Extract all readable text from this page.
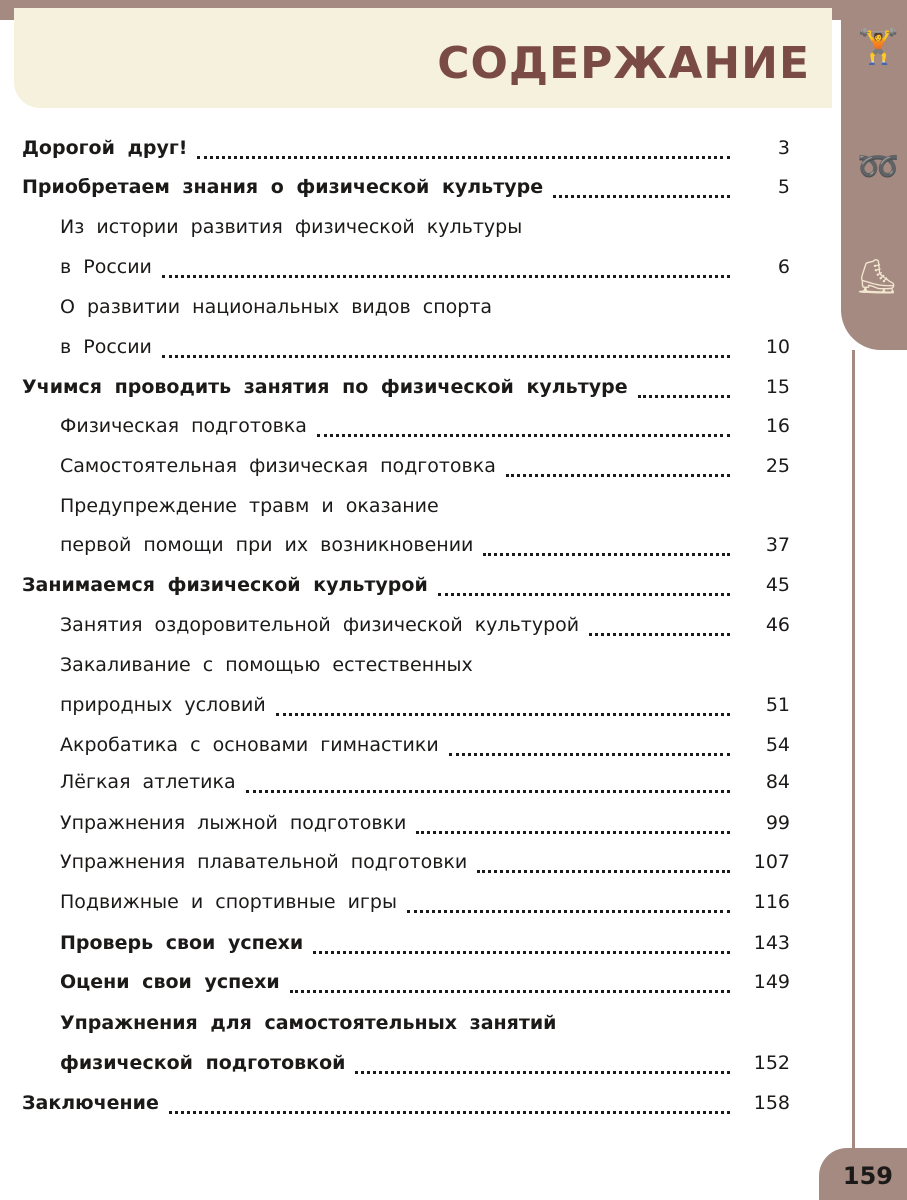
🏋
➿
⛸
СОДЕРЖАНИЕ
Дорогой друг!	3
Приобретаем знания о физической культуре	5
Из истории развития физической культуры
в России	6
О развитии национальных видов спорта
в России	10
Учимся проводить занятия по физической культуре	15
Физическая подготовка	16
Самостоятельная физическая подготовка	25
Предупреждение травм и оказание
первой помощи при их возникновении	37
Занимаемся физической культурой	45
Занятия оздоровительной физической культурой	46
Закаливание с помощью естественных
природных условий	51
Акробатика с основами гимнастики	54
Лёгкая атлетика	84
Упражнения лыжной подготовки	99
Упражнения плавательной подготовки	107
Подвижные и спортивные игры	116
Проверь свои успехи	143
Оцени свои успехи	149
Упражнения для самостоятельных занятий
физической подготовкой	152
Заключение	158
159
